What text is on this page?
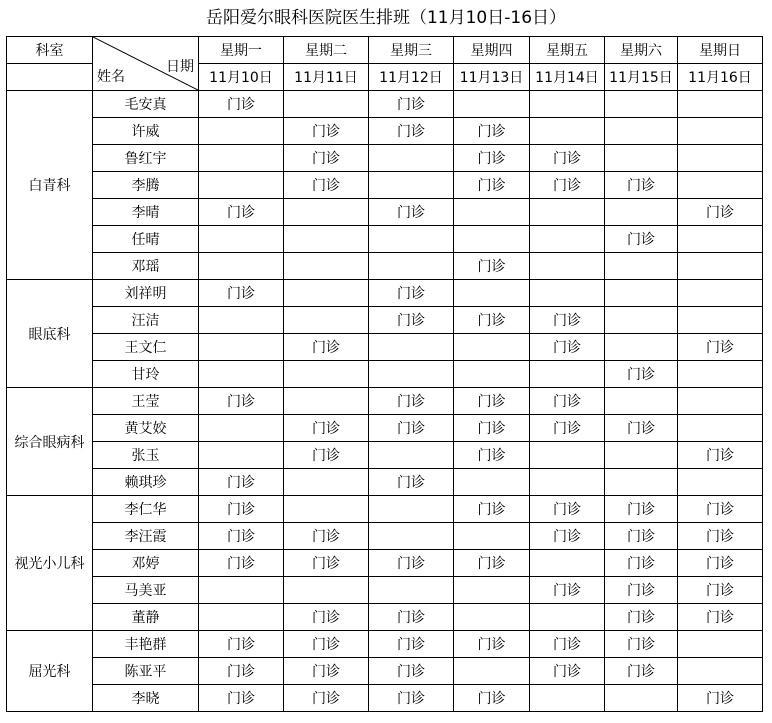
岳阳爱尔眼科医院医生排班（11月10日-16日）
科室	日期
姓名	星期一	星期二	星期三	星期四	星期五	星期六	星期日
		11月10日	11月11日	11月12日	11月13日	11月14日	11月15日	11月16日
白青科	毛安真	门诊		门诊				
	许威		门诊	门诊	门诊			
	鲁红宇		门诊		门诊	门诊		
	李腾		门诊		门诊	门诊	门诊	
	李晴	门诊		门诊				门诊
	任晴						门诊	
	邓瑶				门诊			
眼底科	刘祥明	门诊		门诊				
	汪洁			门诊	门诊	门诊		
	王文仁		门诊			门诊		门诊
	甘玲						门诊	
综合眼病科	王莹	门诊		门诊	门诊	门诊		
	黄艾姣		门诊	门诊	门诊	门诊	门诊	
	张玉		门诊		门诊			门诊
	赖琪珍	门诊		门诊				
视光小儿科	李仁华	门诊			门诊	门诊	门诊	门诊
	李汪霞	门诊	门诊			门诊	门诊	门诊
	邓婷	门诊	门诊	门诊	门诊		门诊	门诊
	马美亚					门诊	门诊	门诊
	董静		门诊	门诊			门诊	门诊
屈光科	丰艳群	门诊	门诊	门诊	门诊	门诊	门诊	
	陈亚平	门诊	门诊	门诊		门诊	门诊	
	李晓	门诊	门诊	门诊	门诊			门诊
